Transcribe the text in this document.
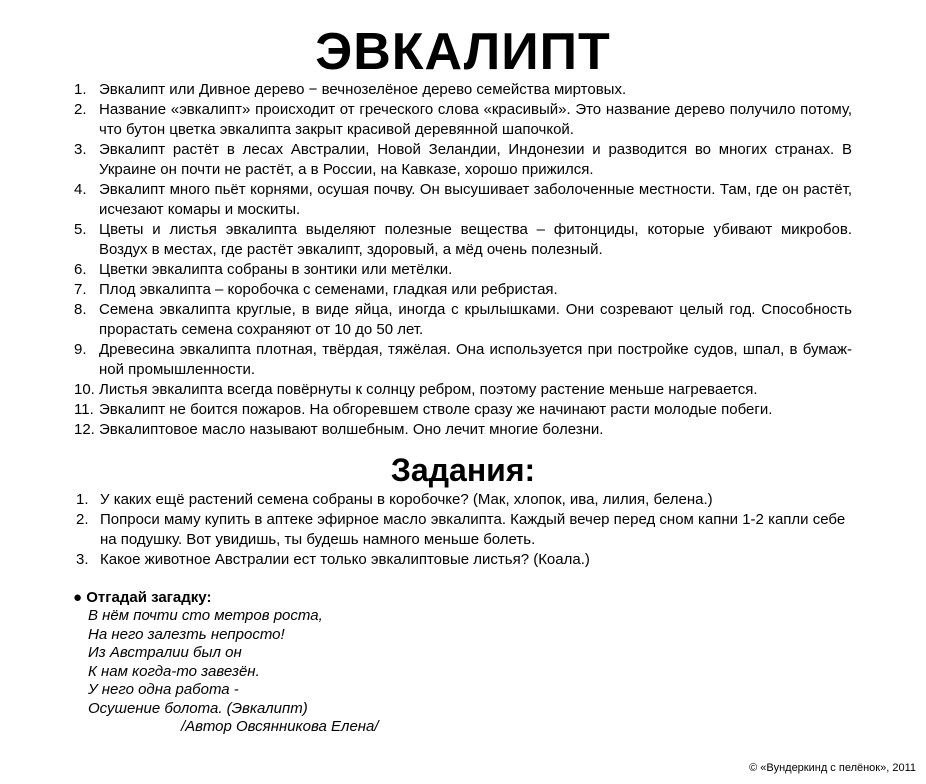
ЭВКАЛИПТ
1. Эвкалипт или Дивное дерево − вечнозелёное дерево семейства миртовых.
2. Название «эвкалипт» происходит от греческого слова «красивый». Это название дерево получило потому, что бутон цветка эвкалипта закрыт красивой деревянной шапочкой.
3. Эвкалипт растёт в лесах Австралии, Новой Зеландии, Индонезии и разводится во многих странах. В Украине он почти не растёт, а в России, на Кавказе, хорошо прижился.
4. Эвкалипт много пьёт корнями, осушая почву. Он высушивает заболоченные местности. Там, где он растёт, исчезают комары и москиты.
5. Цветы и листья эвкалипта выделяют полезные вещества – фитонциды, которые убивают микробов. Воздух в местах, где растёт эвкалипт, здоровый, а мёд очень полезный.
6. Цветки эвкалипта собраны в зонтики или метёлки.
7. Плод эвкалипта – коробочка с семенами, гладкая или ребристая.
8. Семена эвкалипта круглые, в виде яйца, иногда с крылышками. Они созревают целый год. Способность прорастать семена сохраняют от 10 до 50 лет.
9. Древесина эвкалипта плотная, твёрдая, тяжёлая. Она используется при постройке судов, шпал, в бумажной промышленности.
10. Листья эвкалипта всегда повёрнуты к солнцу ребром, поэтому растение меньше нагревается.
11. Эвкалипт не боится пожаров. На обгоревшем стволе сразу же начинают расти молодые побеги.
12. Эвкалиптовое масло называют волшебным. Оно лечит многие болезни.
Задания:
1. У каких ещё растений семена собраны в коробочке? (Мак, хлопок, ива, лилия, белена.)
2. Попроси маму купить в аптеке эфирное масло эвкалипта. Каждый вечер перед сном капни 1-2 капли себе на подушку. Вот увидишь, ты будешь намного меньше болеть.
3. Какое животное Австралии ест только эвкалиптовые листья? (Коала.)
● Отгадай загадку:
В нём почти сто метров роста,
На него залезть непросто!
Из Австралии был он
К нам когда-то завезён.
У него одна работа -
Осушение болота. (Эвкалипт)
/Автор Овсянникова Елена/
© «Вундеркинд с пелёнок», 2011
